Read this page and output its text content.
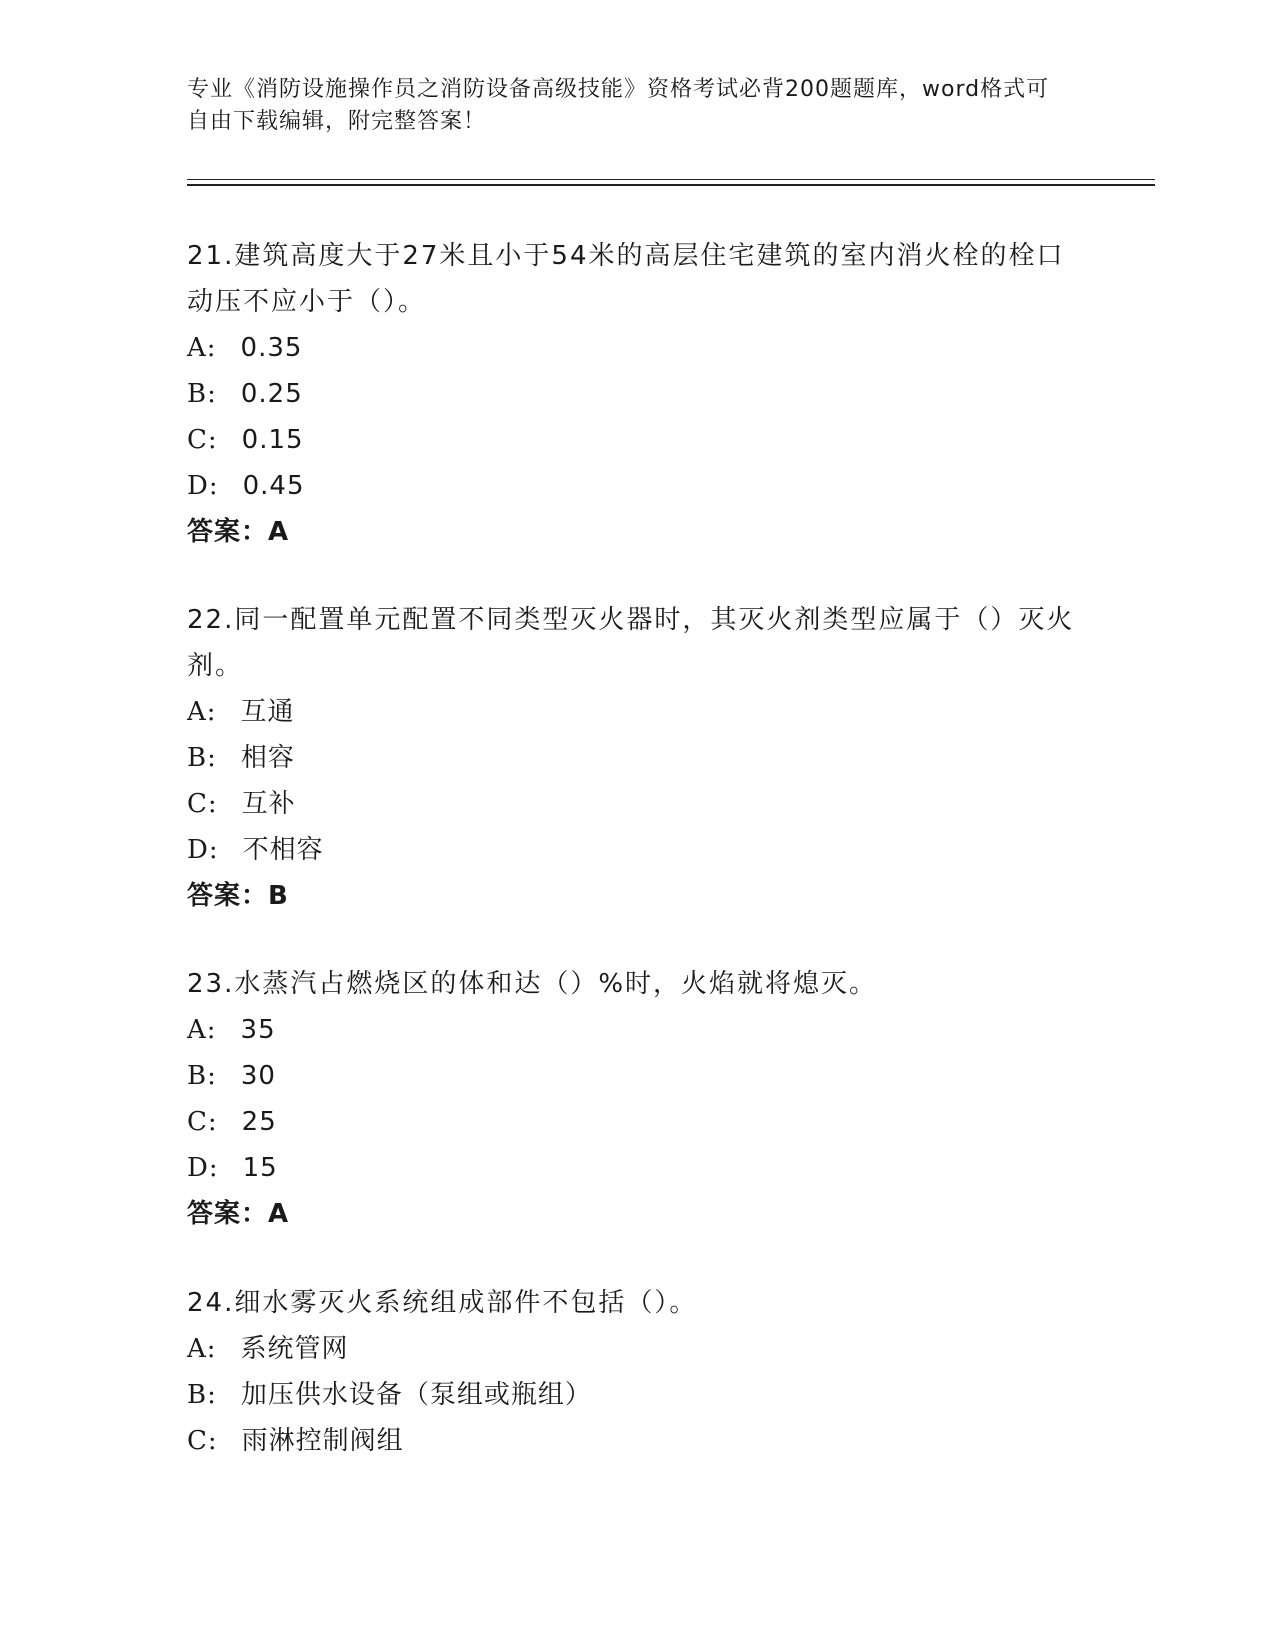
专业《消防设施操作员之消防设备高级技能》资格考试必背200题题库，word格式可自由下载编辑，附完整答案！

21.建筑高度大于27米且小于54米的高层住宅建筑的室内消火栓的栓口动压不应小于（）。

A: 0.35

B: 0.25

C: 0.15

D: 0.45

答案：A

22.同一配置单元配置不同类型灭火器时，其灭火剂类型应属于（）灭火剂。

A: 互通

B: 相容

C: 互补

D: 不相容

答案：B

23.水蒸汽占燃烧区的体和达（）%时，火焰就将熄灭。

A: 35

B: 30

C: 25

D: 15

答案：A

24.细水雾灭火系统组成部件不包括（）。

A: 系统管网

B: 加压供水设备（泵组或瓶组）

C: 雨淋控制阀组
